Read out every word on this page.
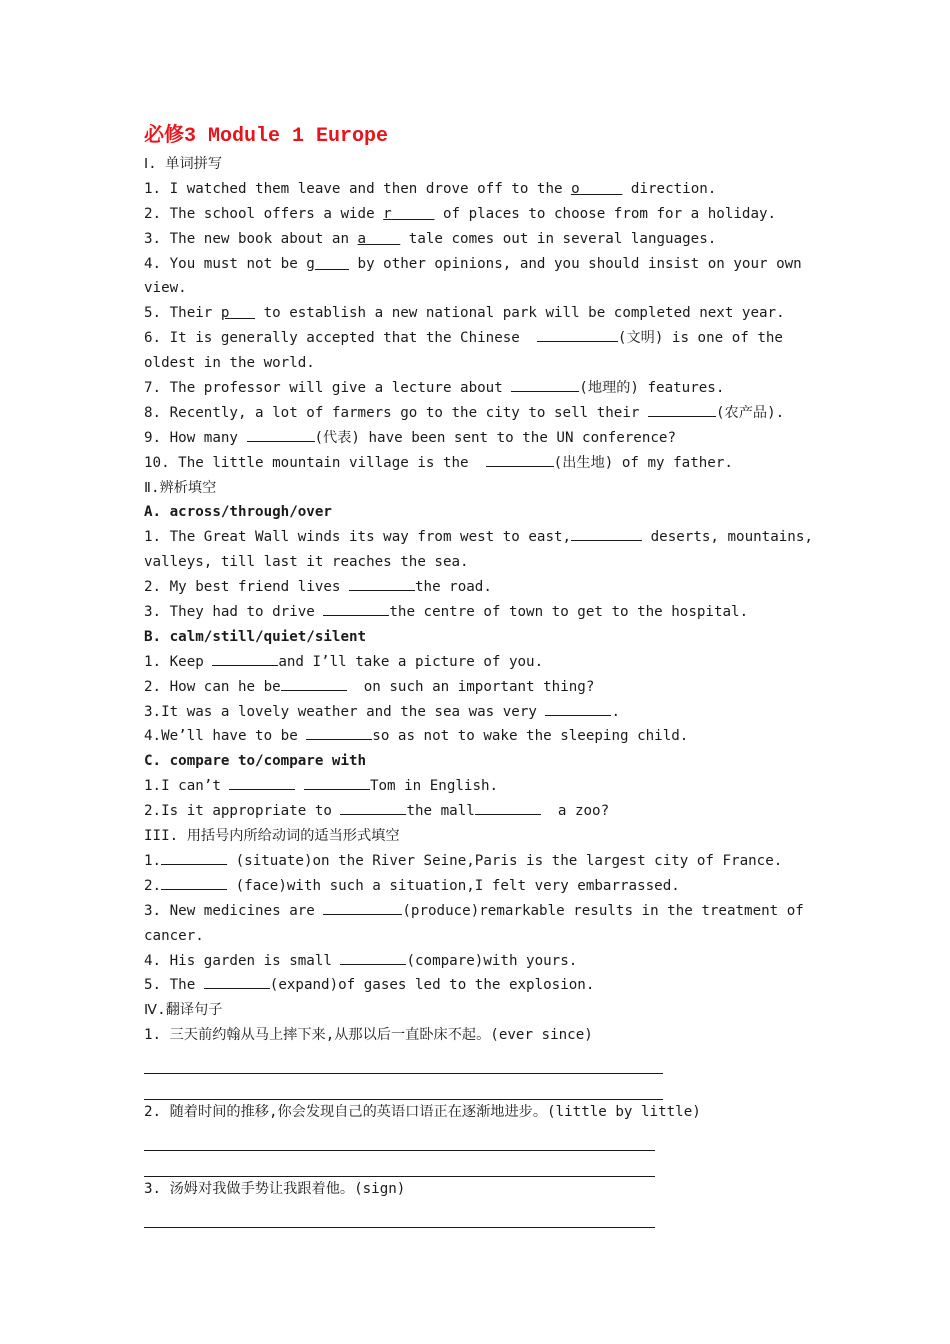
必修3 Module 1 Europe
Ⅰ. 单词拼写
1. I watched them leave and then drove off to the o	direction.
2. The school offers a wide r	of places to choose from for a holiday.
3. The new book about an a     tale comes out in several languages.
4. You must not be g     by other opinions, and you should insist on your own
view.
5. Their p    to establish a new national park will be completed next year.
6. It is generally accepted that the Chinese	(文明) is one of the
oldest in the world.
7. The professor will give a lecture about	(地理的) features.
8. Recently, a lot of farmers go to the city to sell their	(农产品).
9. How many	(代表) have been sent to the UN conference?
10. The little mountain village is the	(出生地) of my father.
Ⅱ.辨析填空
A. across/through/over
1. The Great Wall winds its way from west to east,	deserts, mountains,
valleys, till last it reaches the sea.
2. My best friend lives	the road.
3. They had to drive	the centre of town to get to the hospital.
B. calm/still/quiet/silent
1. Keep	and I’ll take a picture of you.
2. How can he be	on such an important thing?
3.It was a lovely weather and the sea was very	.
4.We’ll have to be	so as not to wake the sleeping child.
C. compare to/compare with
1.I can’t	Tom in English.
2.Is it appropriate to	the mall	a zoo?
III. 用括号内所给动词的适当形式填空
1.	(situate)on the River Seine,Paris is the largest city of France.
2.	(face)with such a situation,I felt very embarrassed.
3. New medicines are	(produce)remarkable results in the treatment of
cancer.
4. His garden is small	(compare)with yours.
5. The	(expand)of gases led to the explosion.
Ⅳ.翻译句子
1. 三天前约翰从马上摔下来,从那以后一直卧床不起。(ever since)
2. 随着时间的推移,你会发现自己的英语口语正在逐渐地进步。(little by little)
3. 汤姆对我做手势让我跟着他。(sign)
